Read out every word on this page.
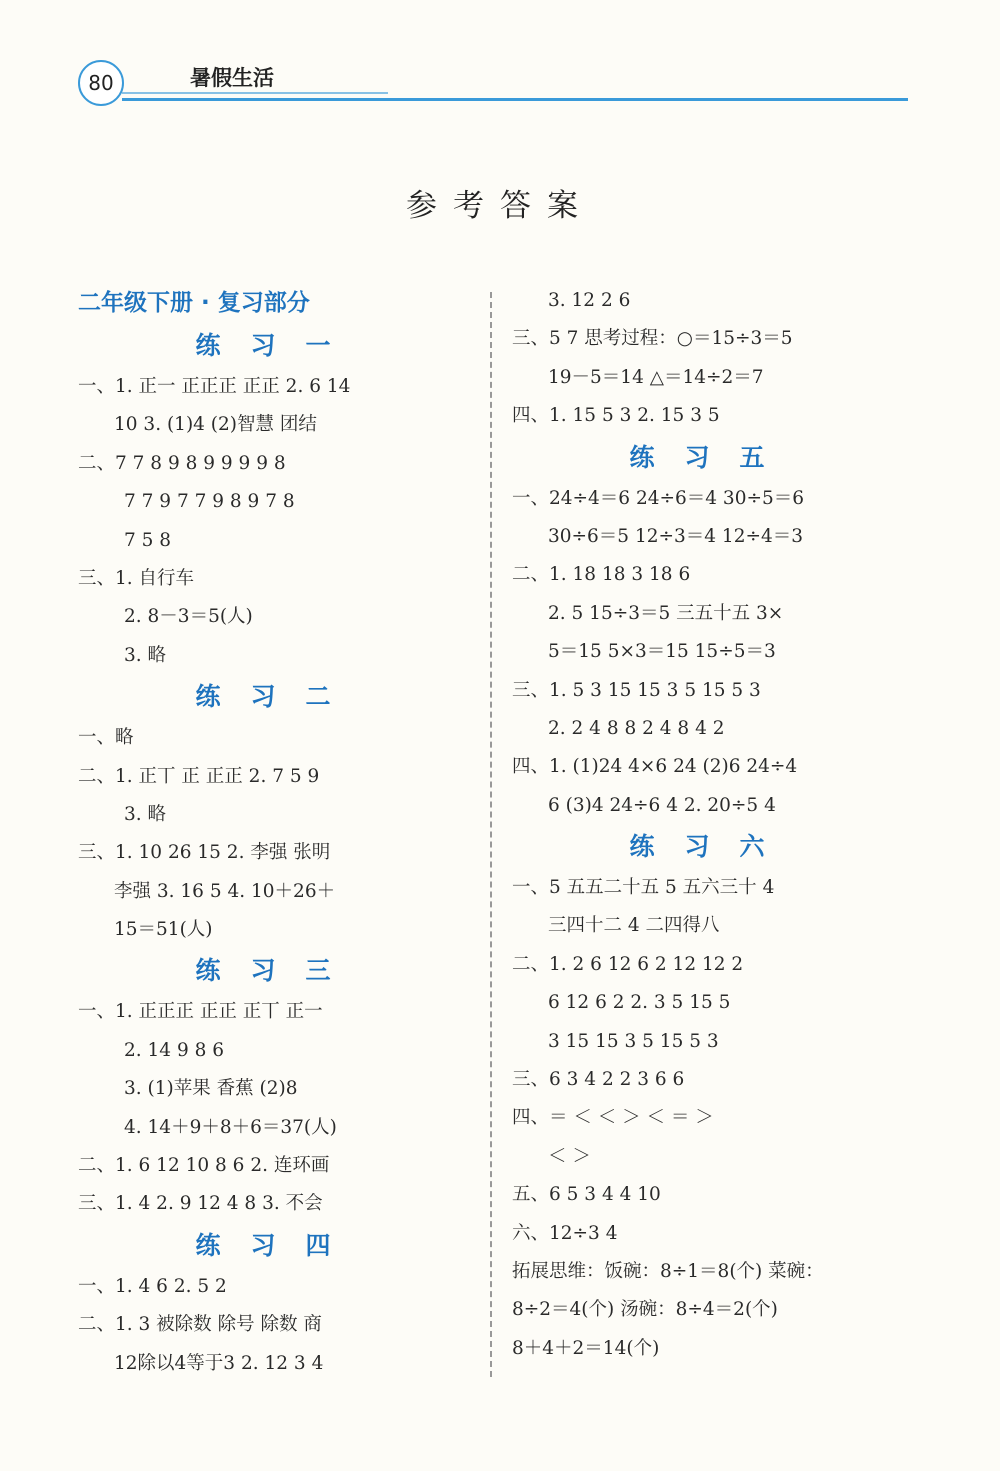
80	暑假生活
参考答案
二年级下册 · 复习部分
练习一
一、1. 正⼀ 正正正 正正 2. 6 14
10 3. (1)4 (2)智慧 团结
二、7 7 8 9 8 9 9 9 9 8
7 7 9 7 7 9 8 9 7 8
7 5 8
三、1. 自行车
2. 8－3＝5(人)
3. 略
练习二
一、略
二、1. 正丅 正 正正 2. 7 5 9
3. 略
三、1. 10 26 15 2. 李强 张明
李强 3. 16 5 4. 10＋26＋
15＝51(人)
练习三
一、1. 正正正 正正 正丅 正⼀
2. 14 9 8 6
3. (1)苹果 香蕉 (2)8
4. 14＋9＋8＋6＝37(人)
二、1. 6 12 10 8 6 2. 连环画
三、1. 4 2. 9 12 4 8 3. 不会
练习四
一、1. 4 6 2. 5 2
二、1. 3 被除数 除号 除数 商
12除以4等于3 2. 12 3 4
3. 12 2 6
三、5 7 思考过程：○＝15÷3＝5
19－5＝14 △＝14÷2＝7
四、1. 15 5 3 2. 15 3 5
练习五
一、24÷4＝6 24÷6＝4 30÷5＝6
30÷6＝5 12÷3＝4 12÷4＝3
二、1. 18 18 3 18 6
2. 5 15÷3＝5 三五十五 3×
5＝15 5×3＝15 15÷5＝3
三、1. 5 3 15 15 3 5 15 5 3
2. 2 4 8 8 2 4 8 4 2
四、1. (1)24 4×6 24 (2)6 24÷4
6 (3)4 24÷6 4 2. 20÷5 4
练习六
一、5 五五二十五 5 五六三十 4
三四十二 4 二四得八
二、1. 2 6 12 6 2 12 12 2
6 12 6 2 2. 3 5 15 5
3 15 15 3 5 15 5 3
三、6 3 4 2 2 3 6 6
四、＝ ＜ ＜ ＞ ＜ ＝ ＞
＜ ＞
五、6 5 3 4 4 10
六、12÷3 4
拓展思维：饭碗：8÷1＝8(个) 菜碗：
8÷2＝4(个) 汤碗：8÷4＝2(个)
8＋4＋2＝14(个)
